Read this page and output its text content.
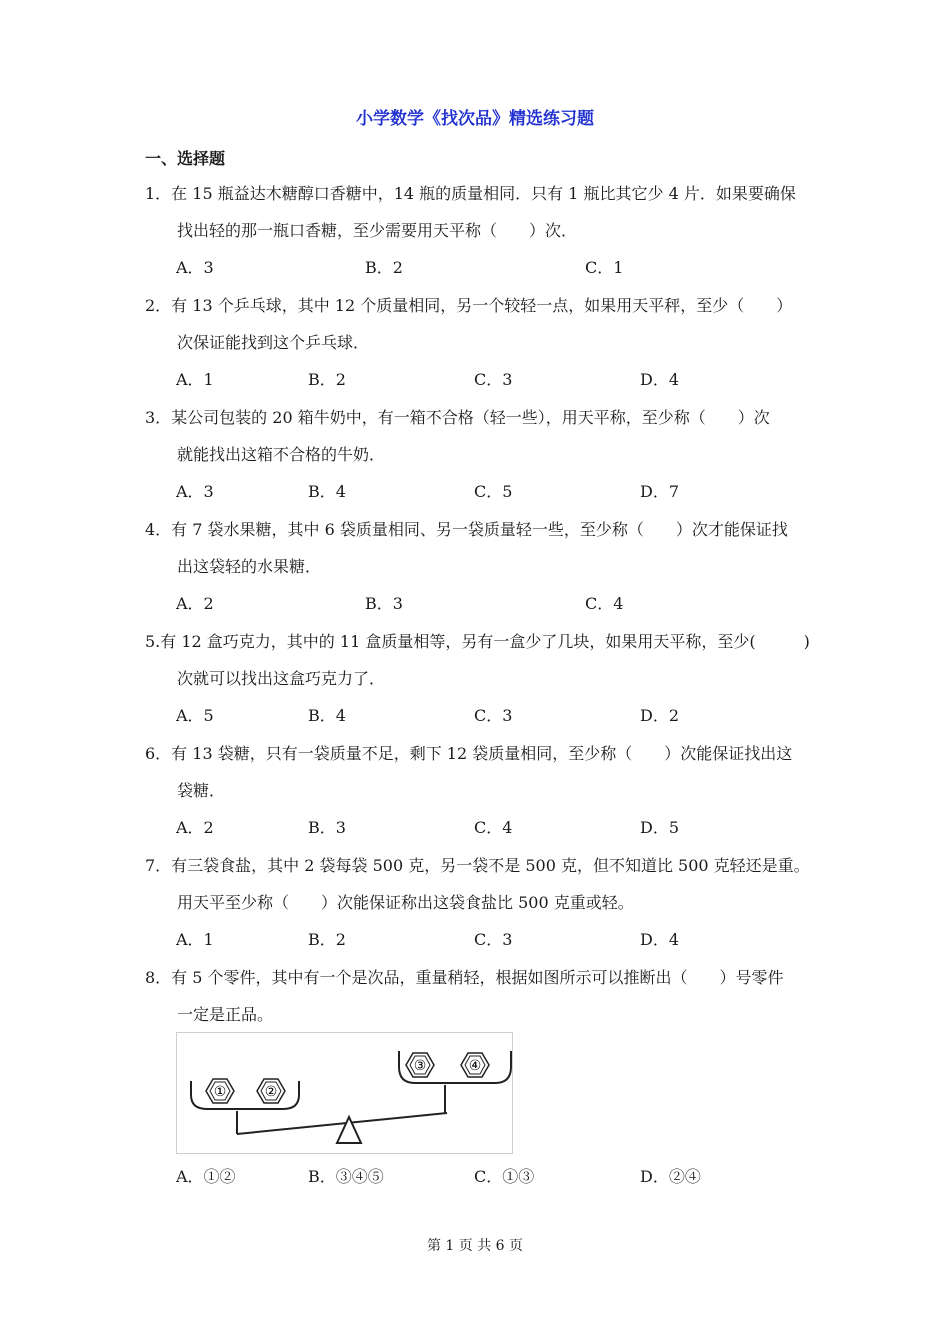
小学数学《找次品》精选练习题
一、选择题
1．在 15 瓶益达木糖醇口香糖中，14 瓶的质量相同．只有 1 瓶比其它少 4 片．如果要确保
找出轻的那一瓶口香糖，至少需要用天平称（　　）次．
A．3	B．2	C．1
2．有 13 个乒乓球，其中 12 个质量相同，另一个较轻一点，如果用天平秤，至少（　　）
次保证能找到这个乒乓球．
A．1	B．2	C．3	D．4
3．某公司包装的 20 箱牛奶中，有一箱不合格（轻一些），用天平称，至少称（　　）次
就能找出这箱不合格的牛奶．
A．3	B．4	C．5	D．7
4．有 7 袋水果糖，其中 6 袋质量相同、另一袋质量轻一些，至少称（　　）次才能保证找
出这袋轻的水果糖．
A．2	B．3	C．4
5.有 12 盒巧克力，其中的 11 盒质量相等，另有一盒少了几块，如果用天平称，至少(　　　)
次就可以找出这盒巧克力了．
A．5	B．4	C．3	D．2
6．有 13 袋糖，只有一袋质量不足，剩下 12 袋质量相同，至少称（　　）次能保证找出这
袋糖．
A．2	B．3	C．4	D．5
7．有三袋食盐，其中 2 袋每袋 500 克，另一袋不是 500 克，但不知道比 500 克轻还是重。
用天平至少称（　　）次能保证称出这袋食盐比 500 克重或轻。
A．1	B．2	C．3	D．4
8．有 5 个零件，其中有一个是次品，重量稍轻，根据如图所示可以推断出（　　）号零件
一定是正品。
①	②
③	④
A．①②	B．③④⑤	C．①③	D．②④
第 1 页 共 6 页
